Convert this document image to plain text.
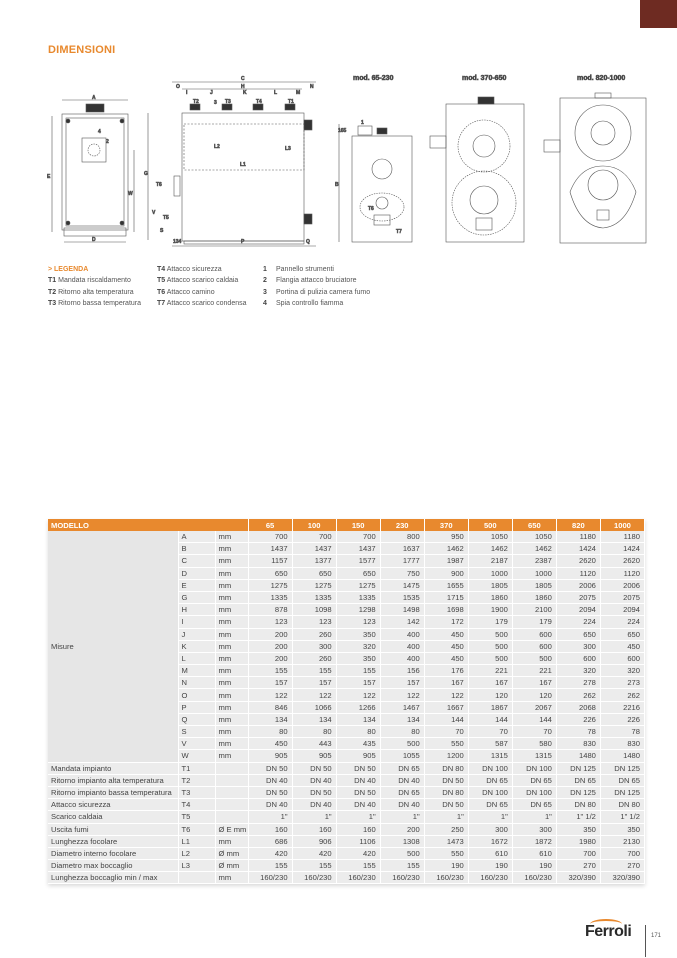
DIMENSIONI
A
D
E
W
2
4
C
O	H	N
I	J	K	L	M
T2	T3	T4	T1
3
G
L1
L2	L3
T6
T5
V
S
134	P	Q
mod. 65-230	mod. 370-650	mod. 820-1000
1
B
165
T6
T7
> LEGENDA
T1 Mandata riscaldamento
T2 Ritorno alta temperatura
T3 Ritorno bassa temperatura
T4 Attacco sicurezza
T5 Attacco scarico caldaia
T6 Attacco camino
T7 Attacco scarico condensa
1 Pannello strumenti
2 Flangia attacco bruciatore
3 Portina di pulizia camera fumo
4 Spia controllo fiamma
MODELLO			65	100	150	230	370	500	650	820	1000
Misure	A	mm	700	700	700	800	950	1050	1050	1180	1180
	B	mm	1437	1437	1437	1637	1462	1462	1462	1424	1424
	C	mm	1157	1377	1577	1777	1987	2187	2387	2620	2620
	D	mm	650	650	650	750	900	1000	1000	1120	1120
	E	mm	1275	1275	1275	1475	1655	1805	1805	2006	2006
	G	mm	1335	1335	1335	1535	1715	1860	1860	2075	2075
	H	mm	878	1098	1298	1498	1698	1900	2100	2094	2094
	I	mm	123	123	123	142	172	179	179	224	224
	J	mm	200	260	350	400	450	500	600	650	650
	K	mm	200	300	320	400	450	500	600	300	450
	L	mm	200	260	350	400	450	500	500	600	600
	M	mm	155	155	155	156	176	221	221	320	320
	N	mm	157	157	157	157	167	167	167	278	273
	O	mm	122	122	122	122	122	120	120	262	262
	P	mm	846	1066	1266	1467	1667	1867	2067	2068	2216
	Q	mm	134	134	134	134	144	144	144	226	226
	S	mm	80	80	80	80	70	70	70	78	78
	V	mm	450	443	435	500	550	587	580	830	830
	W	mm	905	905	905	1055	1200	1315	1315	1480	1480
Mandata impianto	T1		DN 50	DN 50	DN 50	DN 65	DN 80	DN 100	DN 100	DN 125	DN 125
Ritorno impianto alta temperatura	T2		DN 40	DN 40	DN 40	DN 40	DN 50	DN 65	DN 65	DN 65	DN 65
Ritorno impianto bassa temperatura	T3		DN 50	DN 50	DN 50	DN 65	DN 80	DN 100	DN 100	DN 125	DN 125
Attacco sicurezza	T4		DN 40	DN 40	DN 40	DN 40	DN 50	DN 65	DN 65	DN 80	DN 80
Scarico caldaia	T5		1"	1"	1"	1"	1"	1"	1"	1" 1/2	1" 1/2
Uscita fumi	T6	Ø E mm	160	160	160	200	250	300	300	350	350
Lunghezza focolare	L1	mm	686	906	1106	1308	1473	1672	1872	1980	2130
Diametro interno focolare	L2	Ø mm	420	420	420	500	550	610	610	700	700
Diametro max boccaglio	L3	Ø mm	155	155	155	155	190	190	190	270	270
Lunghezza boccaglio min / max		mm	160/230	160/230	160/230	160/230	160/230	160/230	160/230	320/390	320/390
Ferroli	171
